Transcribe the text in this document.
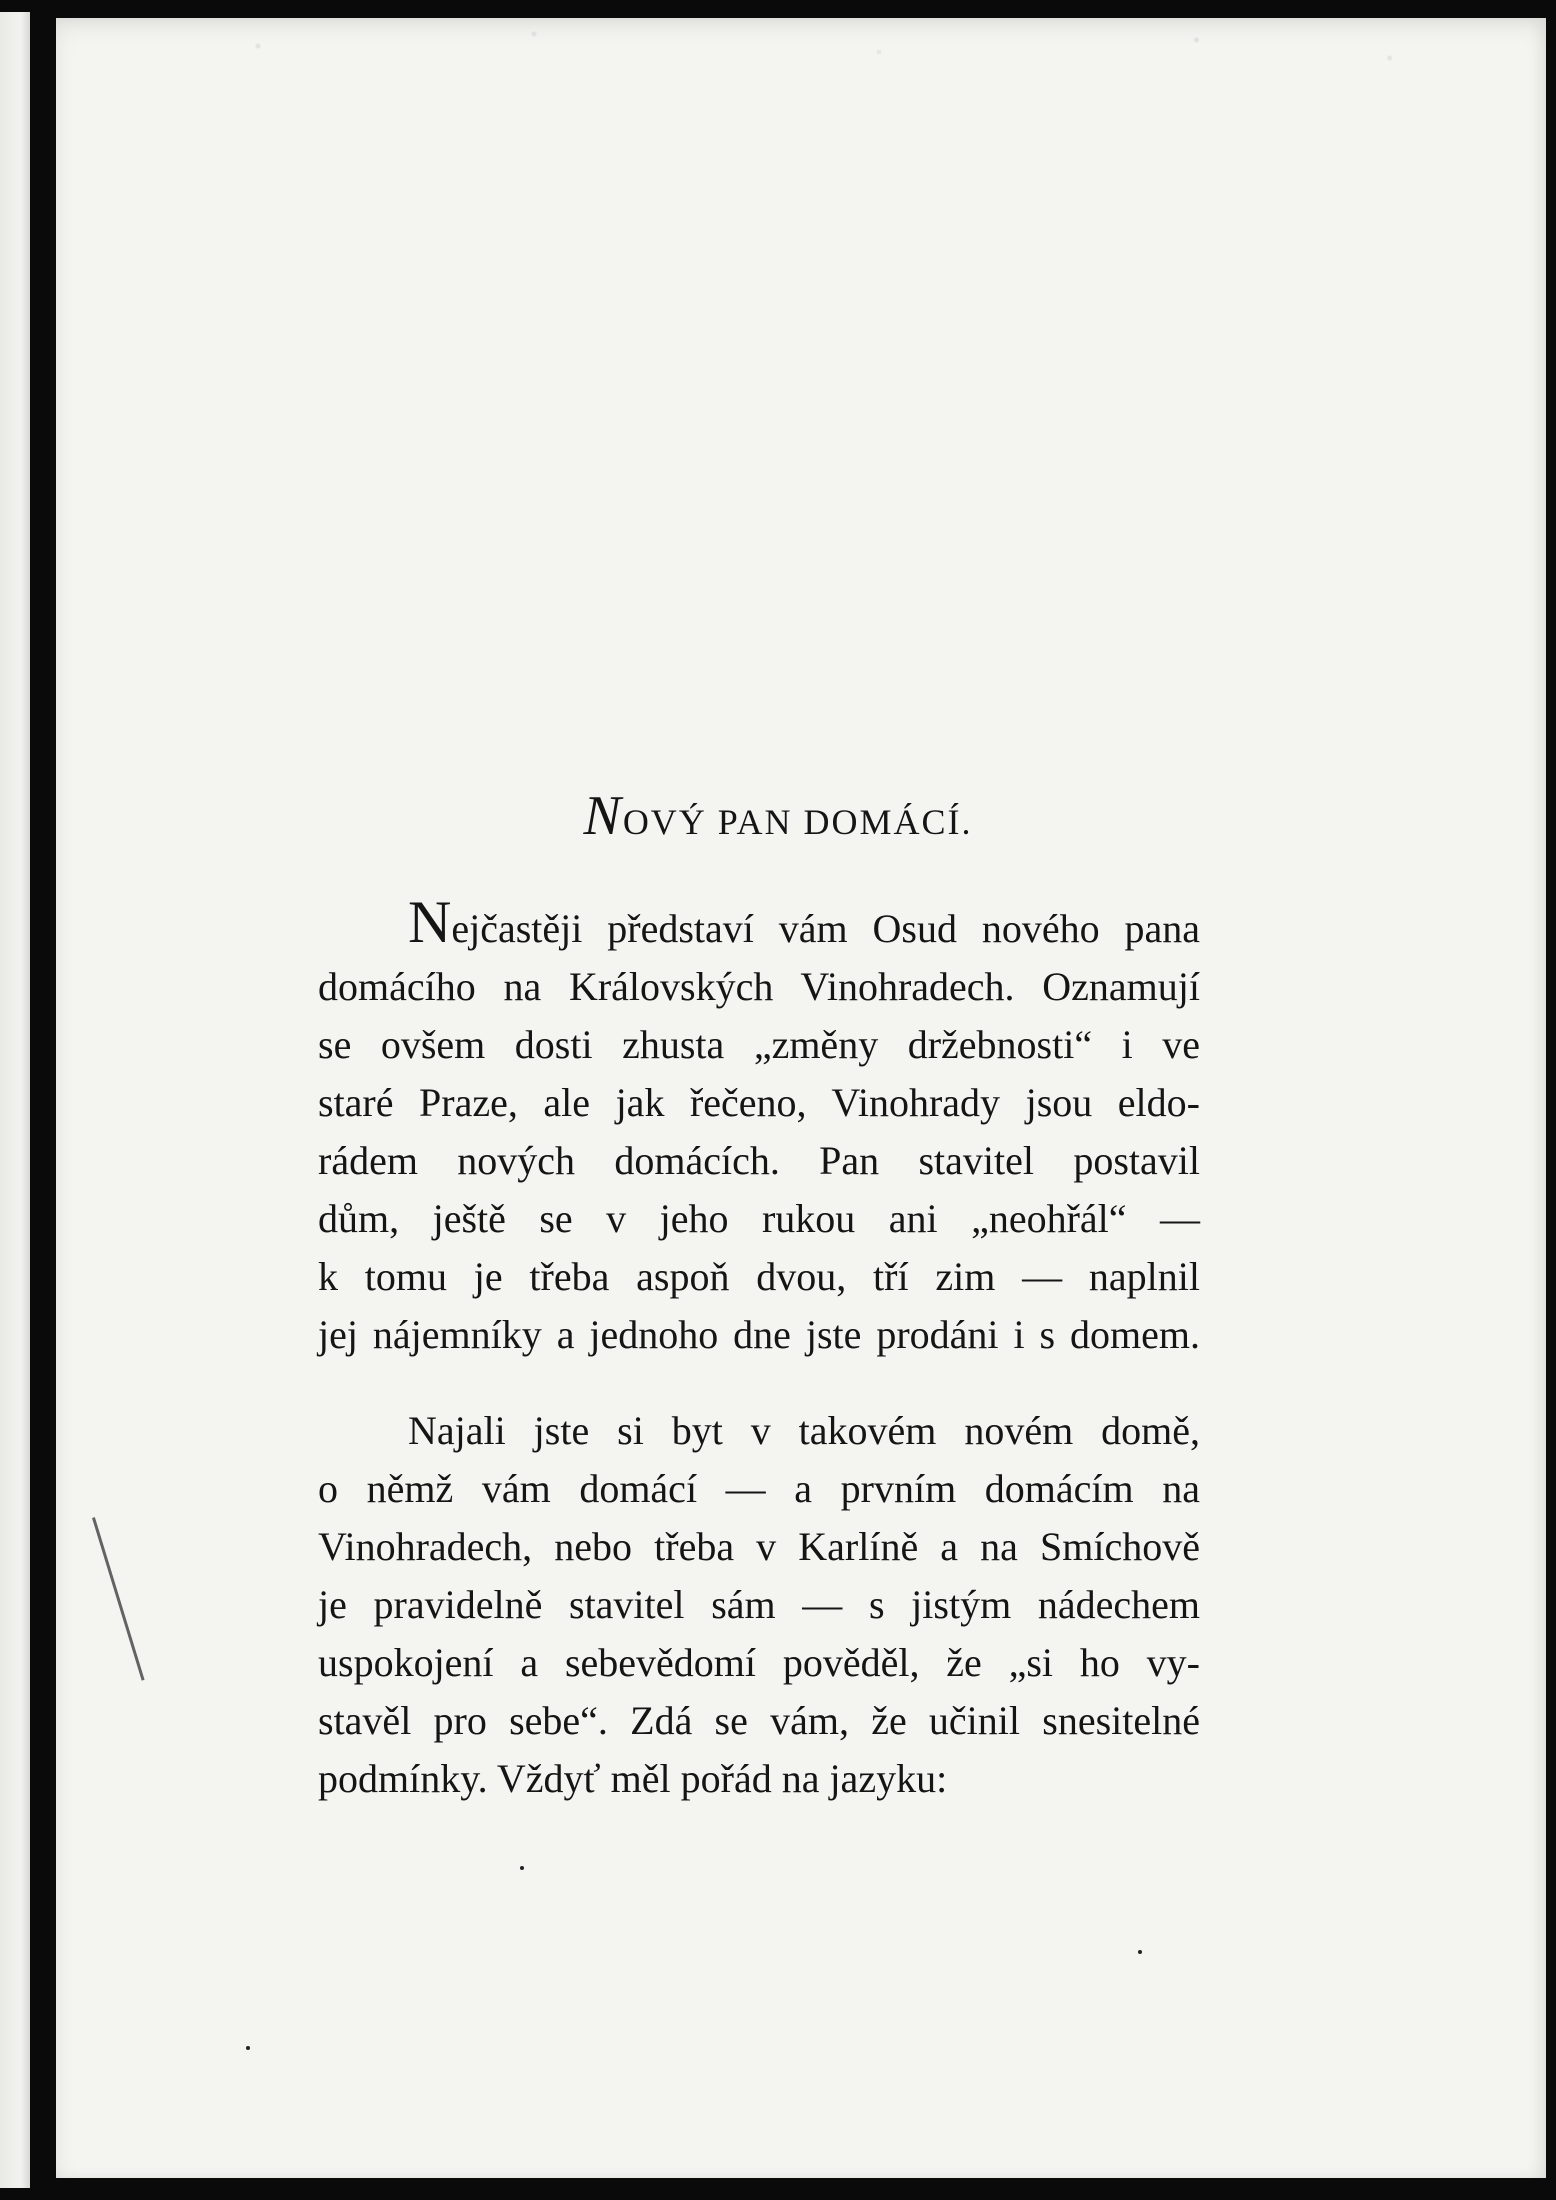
NOVÝ PAN DOMÁCÍ.
Nejčastěji představí vám Osud nového pana
domácího na Královských Vinohradech. Oznamují
se ovšem dosti zhusta „změny držebnosti“ i ve
staré Praze, ale jak řečeno, Vinohrady jsou eldo-
rádem nových domácích. Pan stavitel postavil
dům, ještě se v jeho rukou ani „neohřál“ —
k tomu je třeba aspoň dvou, tří zim — naplnil
jej nájemníky a jednoho dne jste prodáni i s domem.
Najali jste si byt v takovém novém domě,
o němž vám domácí — a prvním domácím na
Vinohradech, nebo třeba v Karlíně a na Smíchově
je pravidelně stavitel sám — s jistým nádechem
uspokojení a sebevědomí pověděl, že „si ho vy-
stavěl pro sebe“. Zdá se vám, že učinil snesitelné
podmínky. Vždyť měl pořád na jazyku:
